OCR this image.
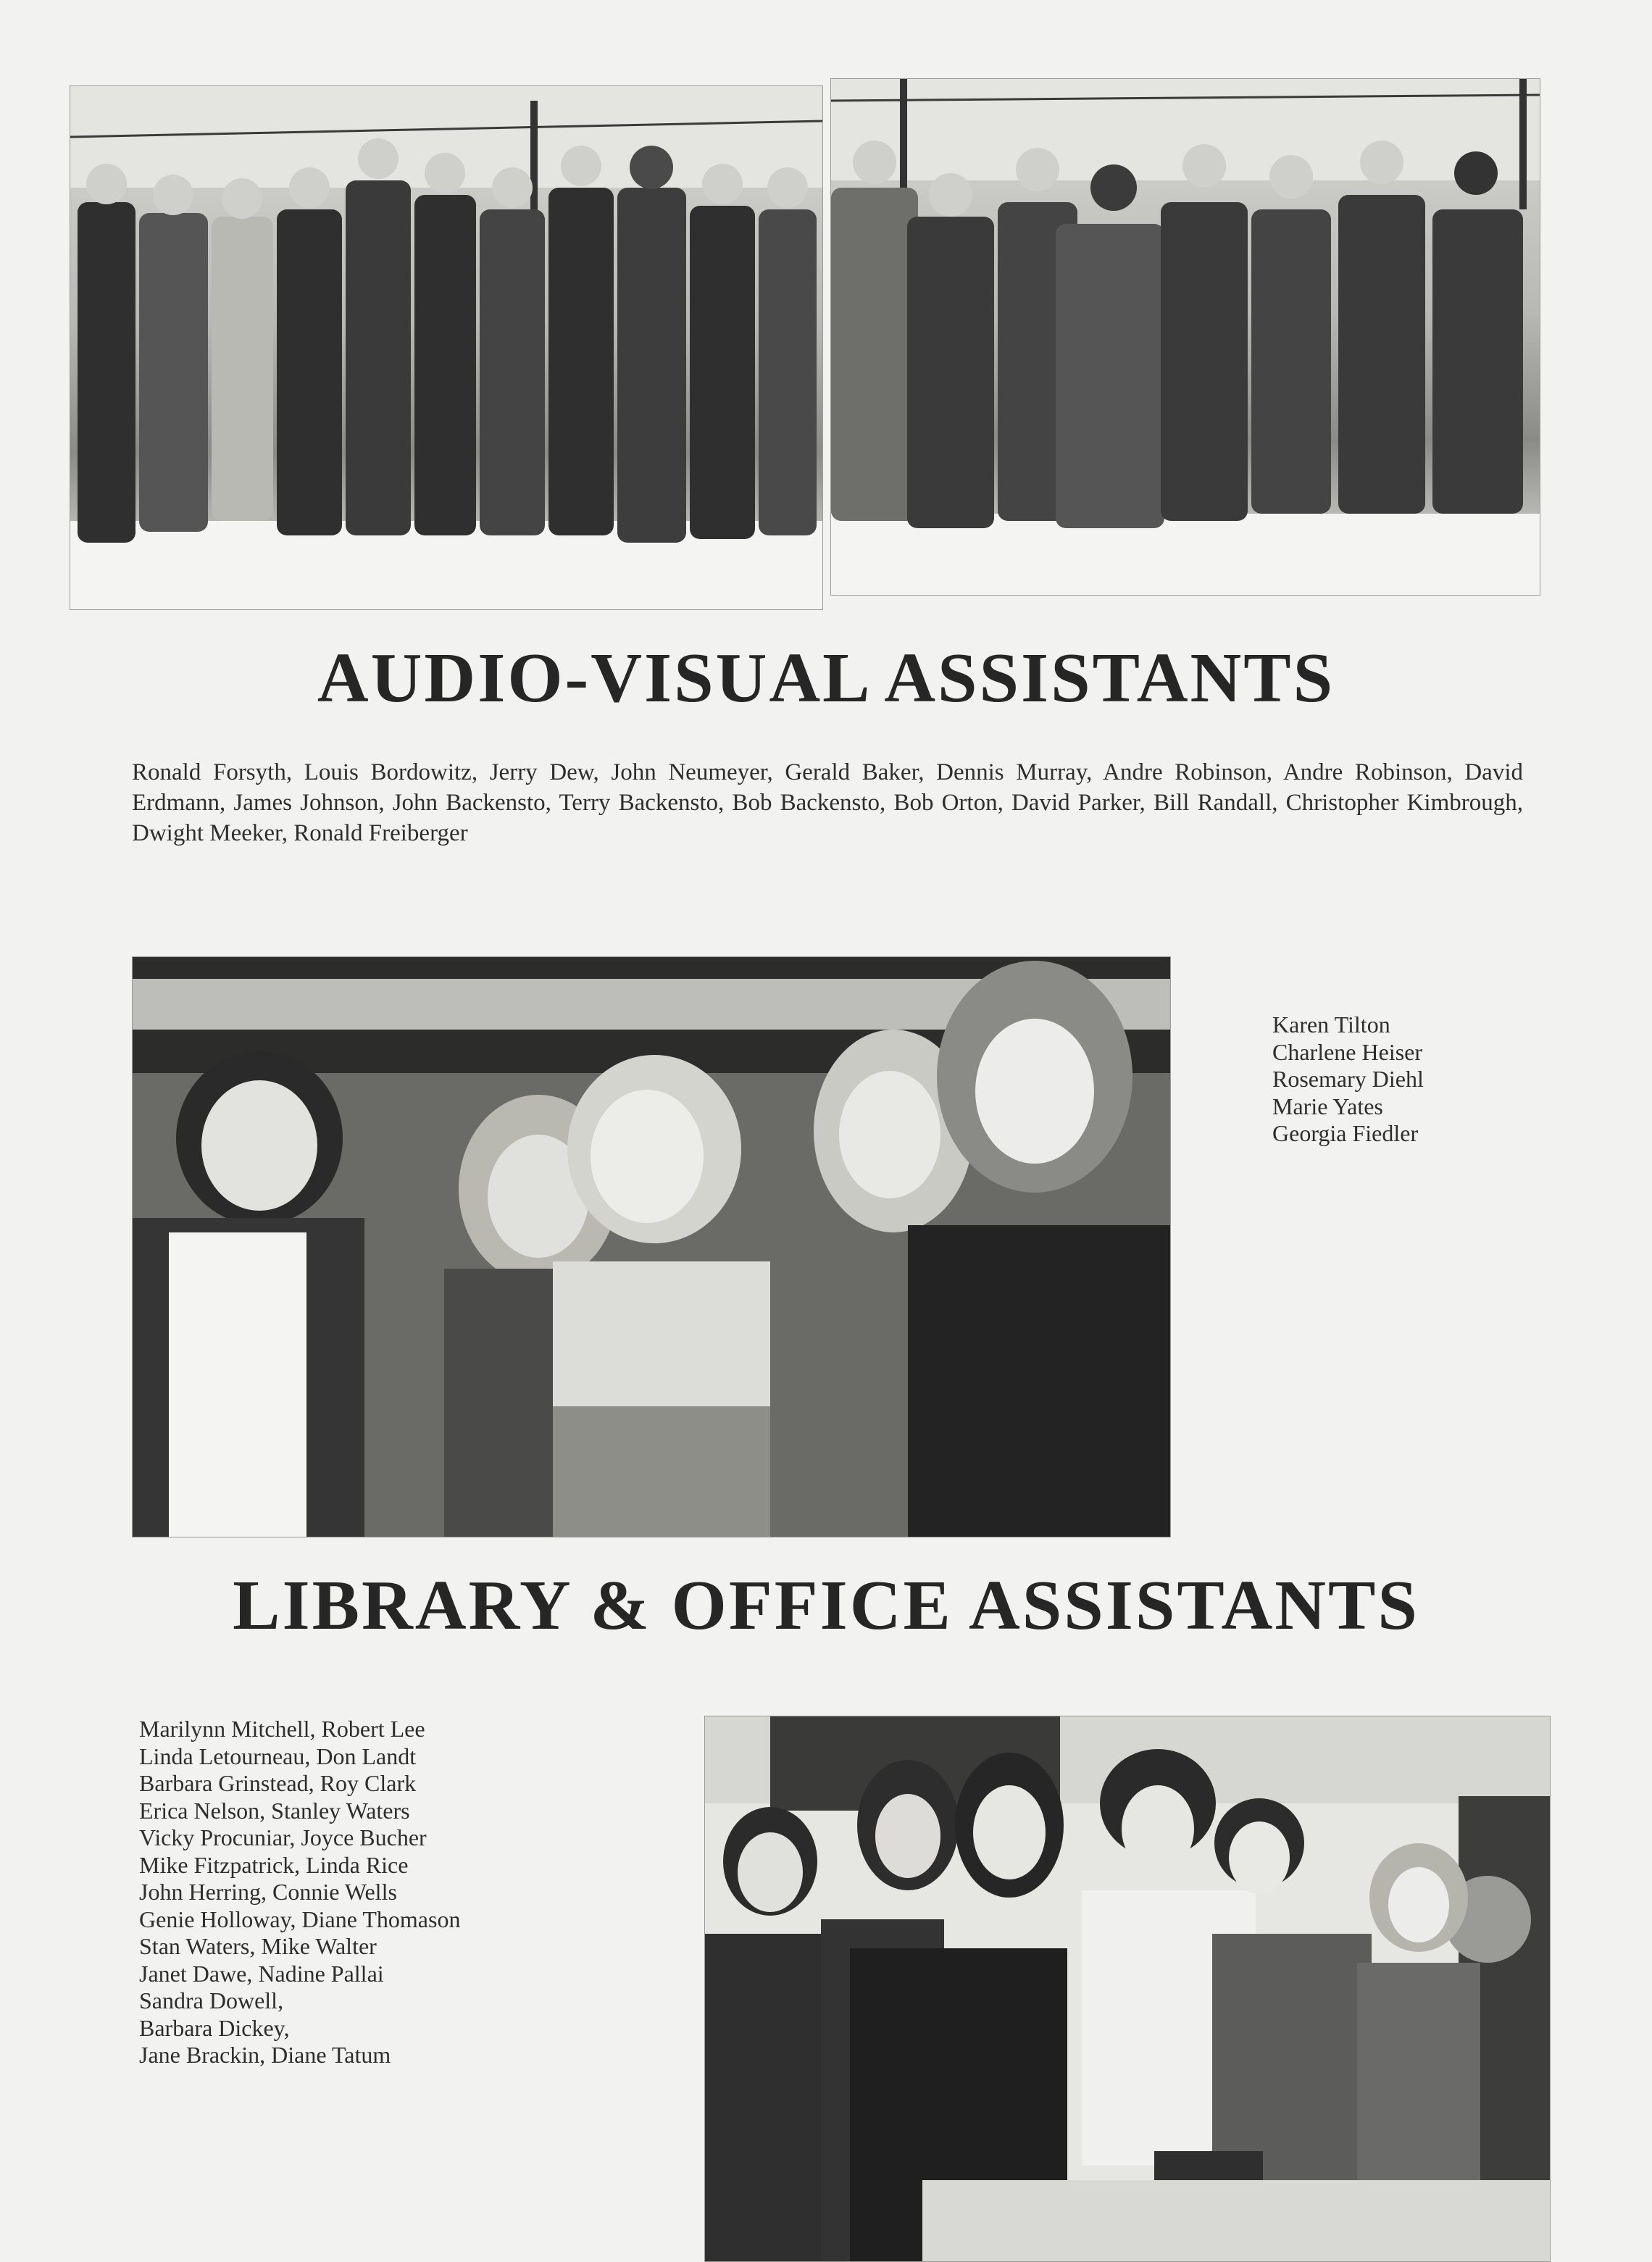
AUDIO-VISUAL ASSISTANTS

Ronald Forsyth, Louis Bordowitz, Jerry Dew, John Neumeyer, Gerald Baker, Dennis Murray, Andre Robinson, Andre Robinson, David Erdmann, James Johnson, John Backensto, Terry Backensto, Bob Backensto, Bob Orton, David Parker, Bill Randall, Christopher Kimbrough, Dwight Meeker, Ronald Freiberger

Karen Tilton
Charlene Heiser
Rosemary Diehl
Marie Yates
Georgia Fiedler
LIBRARY & OFFICE ASSISTANTS
Marilynn Mitchell, Robert Lee
Linda Letourneau, Don Landt
Barbara Grinstead, Roy Clark
Erica Nelson, Stanley Waters
Vicky Procuniar, Joyce Bucher
Mike Fitzpatrick, Linda Rice
John Herring, Connie Wells
Genie Holloway, Diane Thomason
Stan Waters, Mike Walter
Janet Dawe, Nadine Pallai
Sandra Dowell,
Barbara Dickey,
Jane Brackin, Diane Tatum
